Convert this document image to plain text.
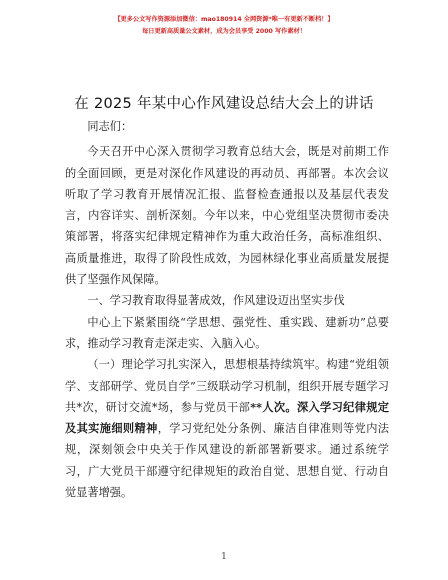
【更多公文写作资源添加微信：mao180914 全网资源*唯一有更新不断档！】
每日更新高质量公文素材，成为会员享受 2000 写作素材！
在 2025 年某中心作风建设总结大会上的讲话

同志们：

今天召开中心深入贯彻学习教育总结大会，既是对前期工作的全面回顾，更是对深化作风建设的再动员、再部署。本次会议听取了学习教育开展情况汇报、监督检查通报以及基层代表发言，内容详实、剖析深刻。今年以来，中心党组坚决贯彻市委决策部署，将落实纪律规定精神作为重大政治任务，高标准组织、高质量推进，取得了阶段性成效，为园林绿化事业高质量发展提供了坚强作风保障。

一、学习教育取得显著成效，作风建设迈出坚实步伐

中心上下紧紧围绕“学思想、强党性、重实践、建新功”总要求，推动学习教育走深走实、入脑入心。

（一）理论学习扎实深入，思想根基持续筑牢。构建“党组领学、支部研学、党员自学”三级联动学习机制，组织开展专题学习共*次，研讨交流*场，参与党员干部**人次。深入学习纪律规定及其实施细则精神，学习党纪处分条例、廉洁自律准则等党内法规，深刻领会中央关于作风建设的新部署新要求。通过系统学习，广大党员干部遵守纪律规矩的政治自觉、思想自觉、行动自觉显著增强。

1
